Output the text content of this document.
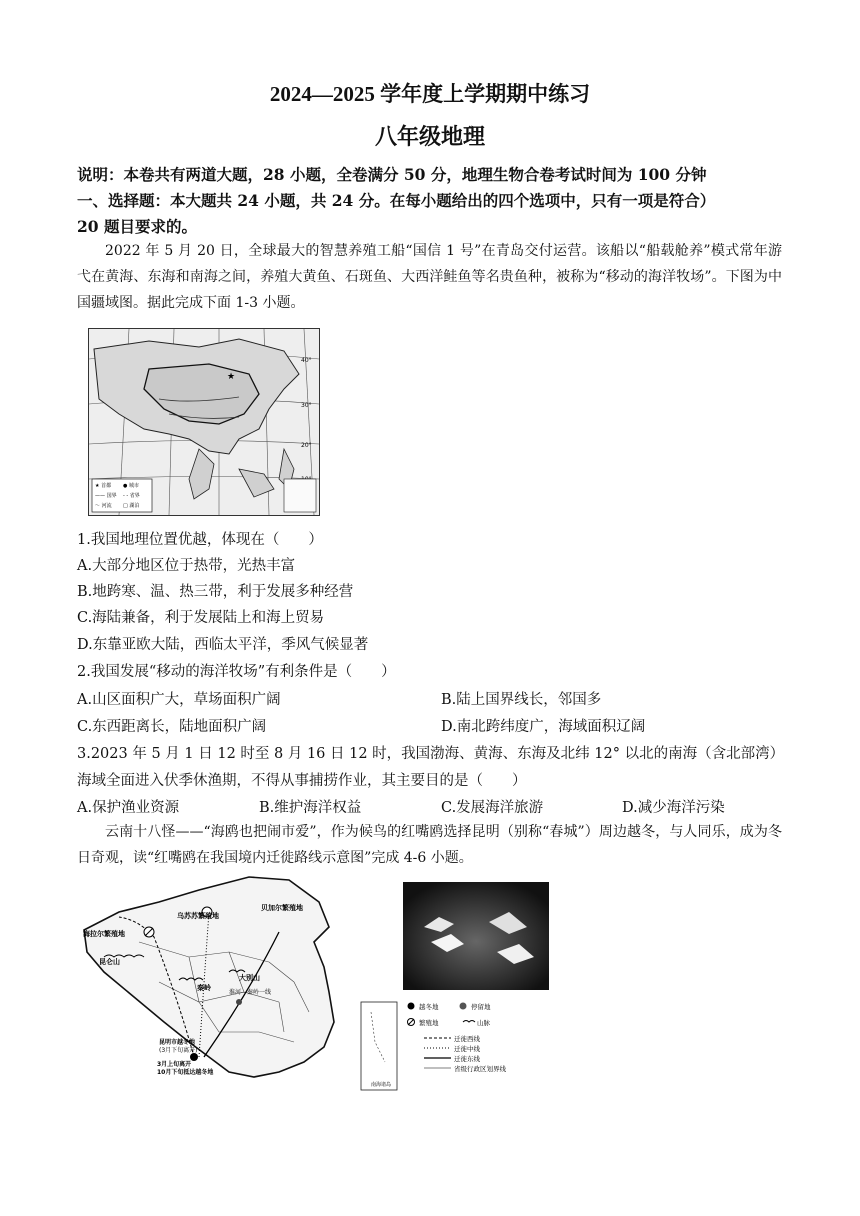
2024—2025 学年度上学期期中练习
八年级地理
说明：本卷共有两道大题，28 小题，全卷满分 50 分，地理生物合卷考试时间为 100 分钟
一、选择题：本大题共 24 小题，共 24 分。在每小题给出的四个选项中，只有一项是符合）
20 题目要求的。
2022 年 5 月 20 日，全球最大的智慧养殖工船“国信 1 号”在青岛交付运营。该船以“船载舱养”模式常年游弋在黄海、东海和南海之间，养殖大黄鱼、石斑鱼、大西洋鲑鱼等名贵鱼种，被称为“移动的海洋牧场”。下图为中国疆域图。据此完成下面 1-3 小题。
★
40°
30°
20°
★ 首都 ● 城市
—— 国界 - - 省界
～ 河流 □ 湖泊
1.我国地理位置优越，体现在（　　）
A.大部分地区位于热带，光热丰富
B.地跨寒、温、热三带，利于发展多种经营
C.海陆兼备，利于发展陆上和海上贸易
D.东靠亚欧大陆，西临太平洋，季风气候显著
2.我国发展“移动的海洋牧场”有利条件是（　　）
A.山区面积广大，草场面积广阔	B.陆上国界线长，邻国多
C.东西距离长，陆地面积广阔	D.南北跨纬度广，海域面积辽阔
3.2023 年 5 月 1 日 12 时至 8 月 16 日 12 时，我国渤海、黄海、东海及北纬 12° 以北的南海（含北部湾）
海域全面进入伏季休渔期，不得从事捕捞作业，其主要目的是（　　）
A.保护渔业资源	B.维护海洋权益	C.发展海洋旅游	D.减少海洋污染
云南十八怪——“海鸥也把闹市爱”，作为候鸟的红嘴鸥选择昆明（别称“春城”）周边越冬，与人同乐，成为冬日奇观，读“红嘴鸥在我国境内迁徙路线示意图”完成 4-6 小题。
乌苏苏繁殖地
贝加尔繁殖地
海拉尔繁殖地
昆仑山
秦岭
大别山
淮河—秦岭一线
昆明市越冬地
(3月下旬离开)
3月上旬离开
10月下旬抵达越冬地
南海诸岛
越冬地	停留地
繁殖地	山脉
迁徙西线
迁徙中线
迁徙东线
省级行政区划界线
